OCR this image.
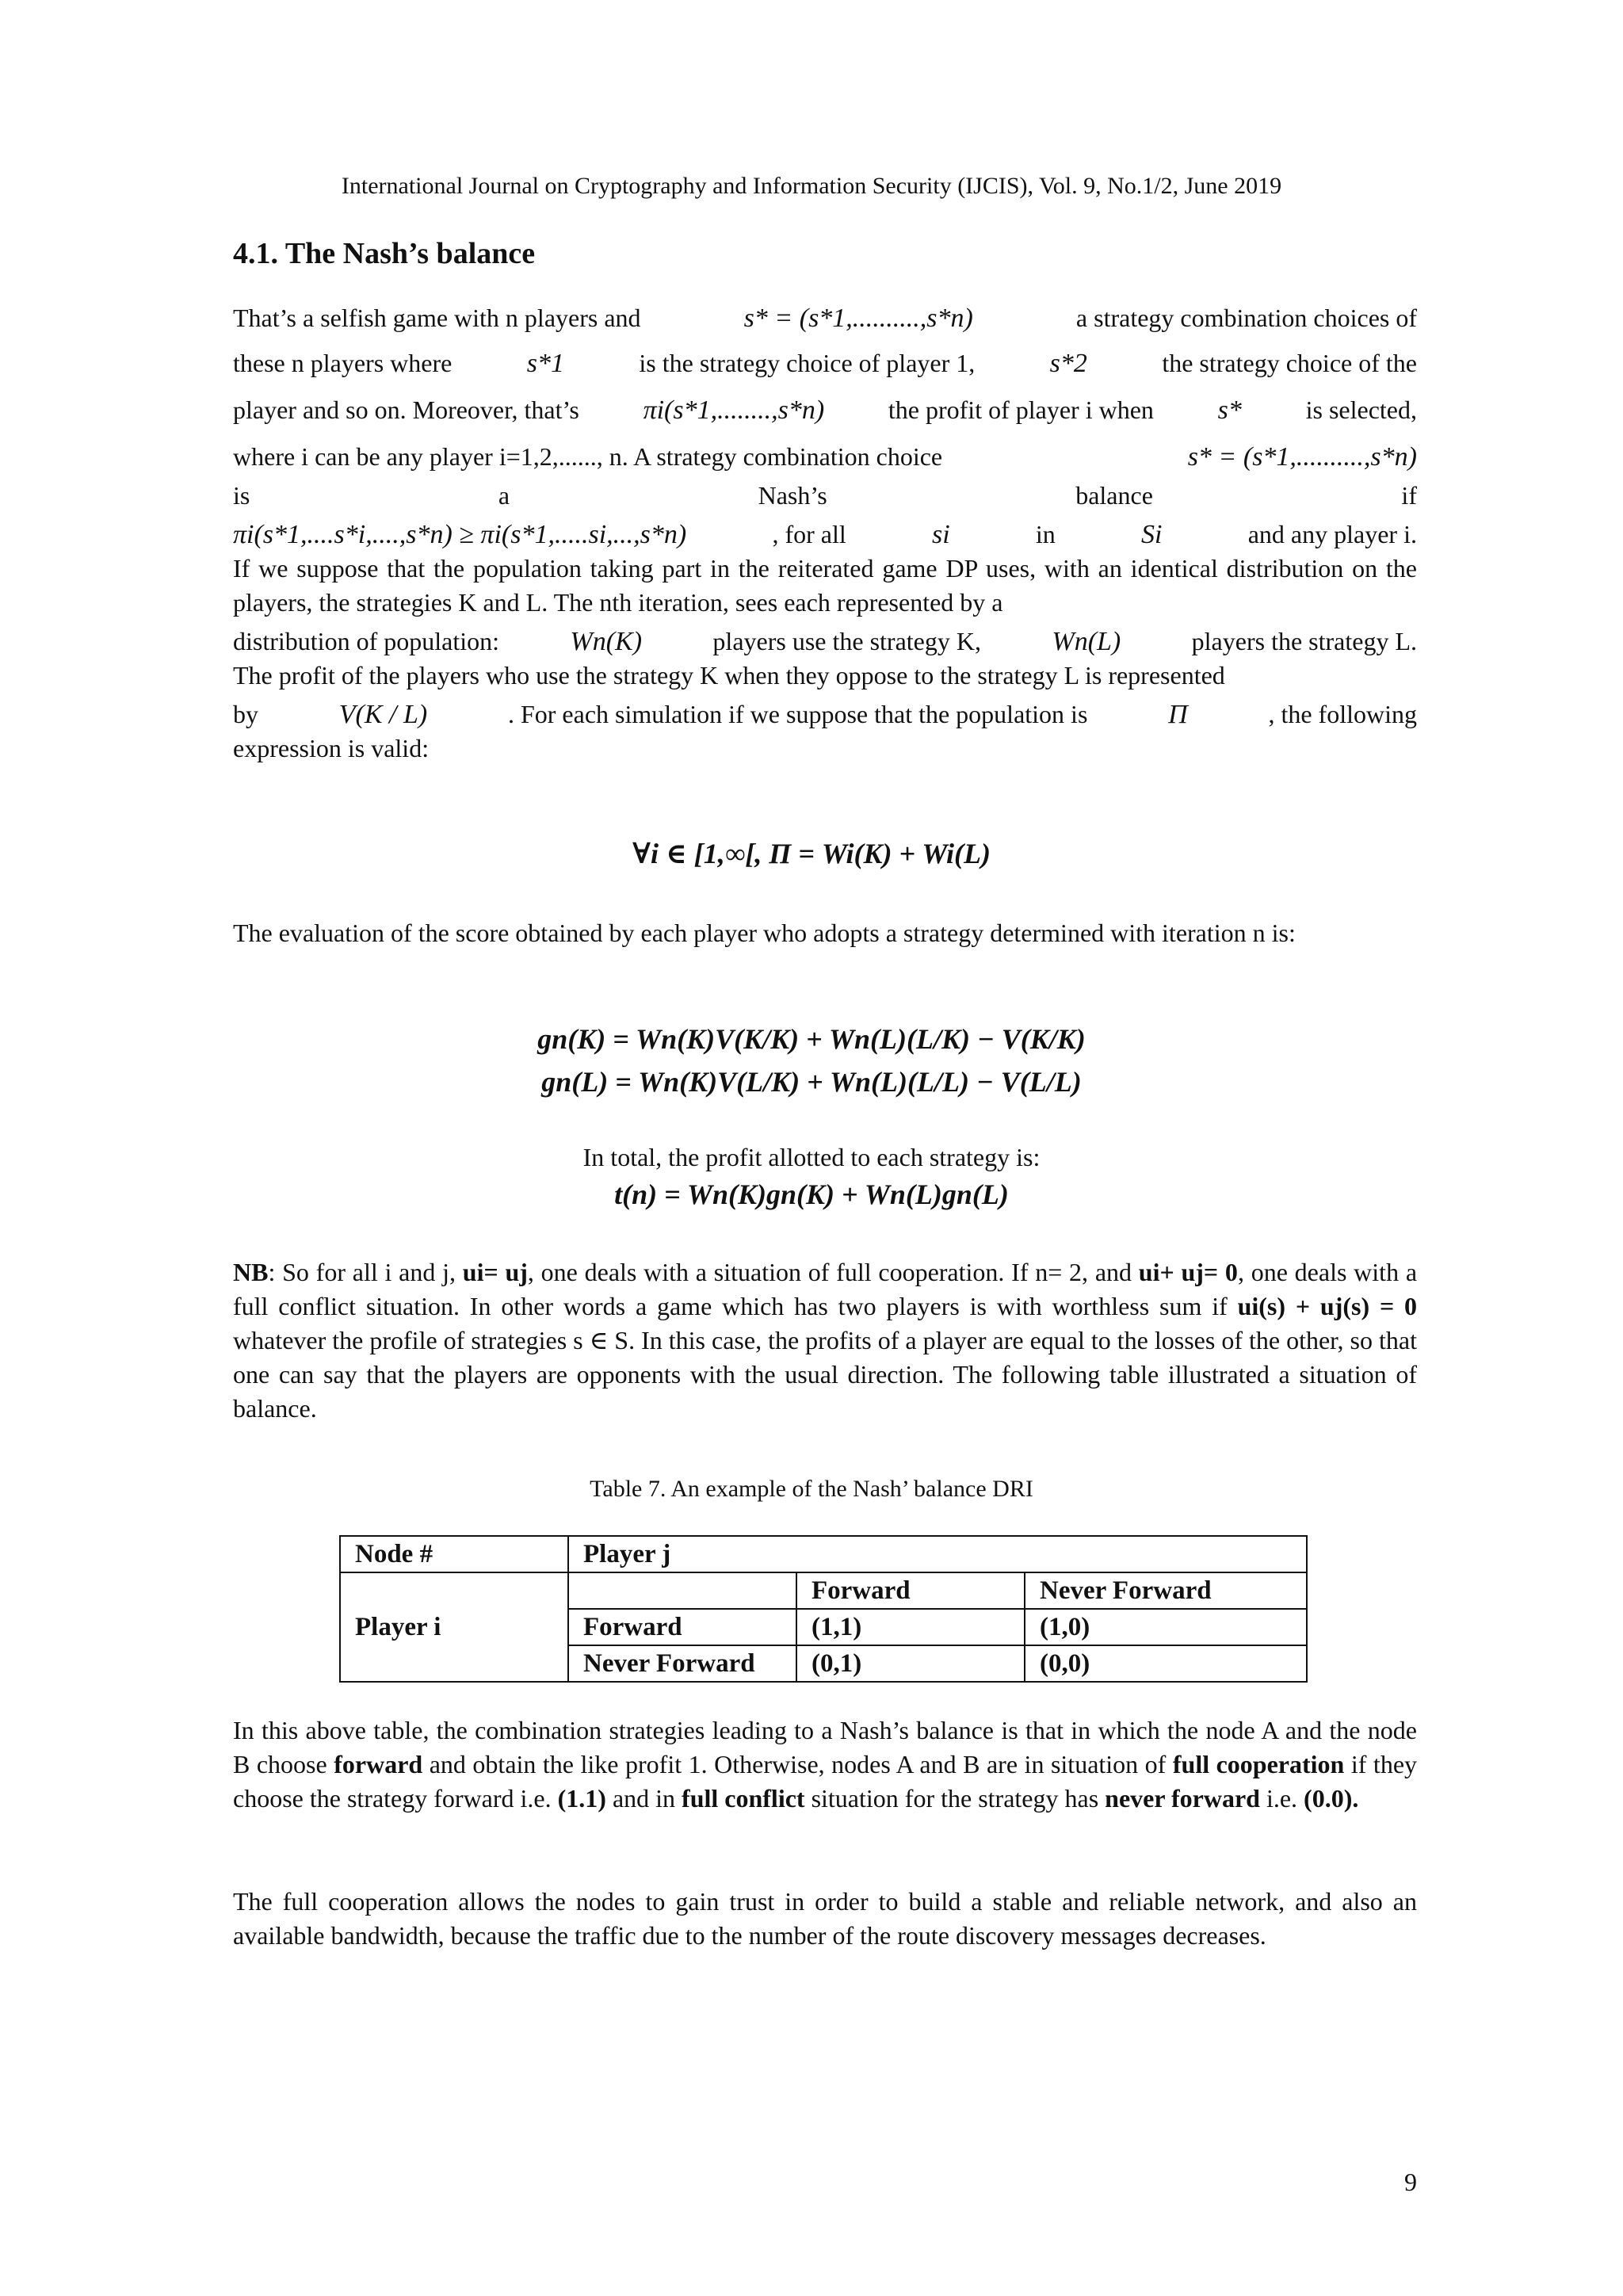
International Journal on Cryptography and Information Security (IJCIS), Vol. 9, No.1/2, June 2019
4.1. The Nash’s balance
That’s a selfish game with n players and	s* = (s*1,..........,s*n)	a strategy combination choices of
these n players where	s*1	is the strategy choice of player 1,	s*2	the strategy choice of the
player and so on. Moreover, that’s πi(s*1,........,s*n)	the profit of player i when s*	is selected,
where i can be any player i=1,2,......, n. A strategy combination choice	s* = (s*1,..........,s*n)
is	a	Nash’s	balance	if
πi(s*1,....s*i,....,s*n) ≥ πi(s*1,.....si,...,s*n)	, for all	si	in	Si	and any player i.
If we suppose that the population taking part in the reiterated game DP uses, with an identical distribution on the players, the strategies K and L. The nth iteration, sees each represented by a
distribution of population:	Wn(K)	players use the strategy K,	Wn(L)	players the strategy L.
The profit of the players who use the strategy K when they oppose to the strategy L is represented
by	V(K / L)	. For each simulation if we suppose that the population is	Π	, the following
expression is valid:
∀i ∈ [1,∞[, Π = Wi(K) + Wi(L)
The evaluation of the score obtained by each player who adopts a strategy determined with iteration n is:
gn(K) = Wn(K)V(K/K) + Wn(L)(L/K) − V(K/K)
gn(L) = Wn(K)V(L/K) + Wn(L)(L/L) − V(L/L)
In total, the profit allotted to each strategy is:
t(n) = Wn(K)gn(K) + Wn(L)gn(L)
NB: So for all i and j, ui= uj, one deals with a situation of full cooperation. If n= 2, and ui+ uj= 0, one deals with a full conflict situation. In other words a game which has two players is with worthless sum if ui(s) + uj(s) = 0 whatever the profile of strategies s ∈ S. In this case, the profits of a player are equal to the losses of the other, so that one can say that the players are opponents with the usual direction. The following table illustrated a situation of balance.
Table 7. An example of the Nash’ balance DRI
Node #	Player j		
Player i		Forward	Never Forward
	Forward	(1,1)	(1,0)
	Never Forward	(0,1)	(0,0)
In this above table, the combination strategies leading to a Nash’s balance is that in which the node A and the node B choose forward and obtain the like profit 1. Otherwise, nodes A and B are in situation of full cooperation if they choose the strategy forward i.e. (1.1) and in full conflict situation for the strategy has never forward i.e. (0.0).
The full cooperation allows the nodes to gain trust in order to build a stable and reliable network, and also an available bandwidth, because the traffic due to the number of the route discovery messages decreases.
9
